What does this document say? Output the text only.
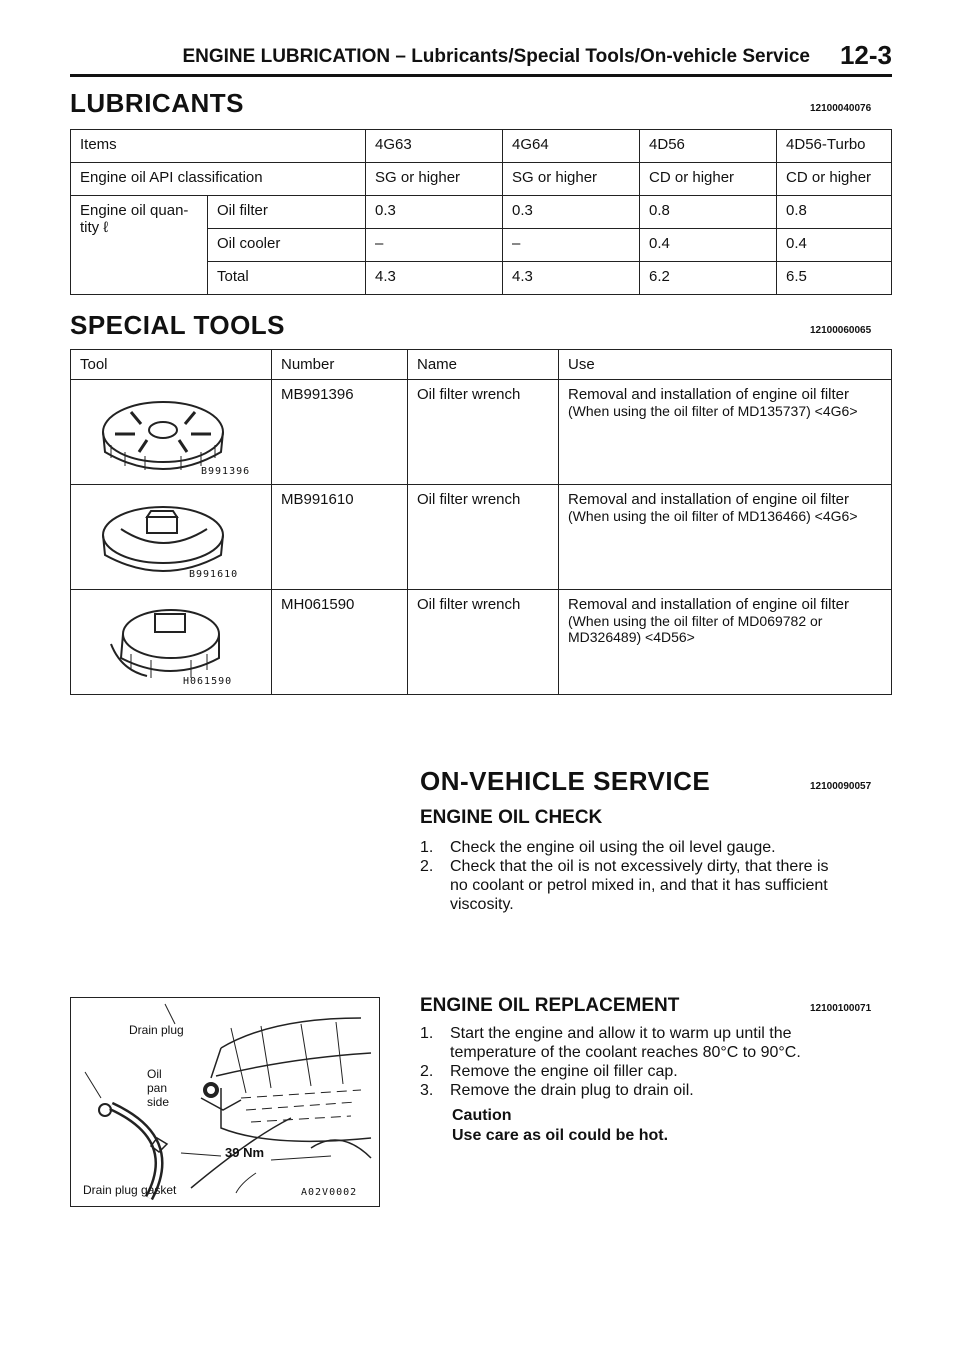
ENGINE LUBRICATION – Lubricants/Special Tools/On-vehicle Service 12-3
LUBRICANTS	12100040076
Items		4G63	4G64	4D56	4D56-Turbo
Engine oil API classification		SG or higher	SG or higher	CD or higher	CD or higher

Engine oil quan-
tity ℓ	Oil filter	0.3	0.3	0.8	0.8
	Oil cooler	–	–	0.4	0.4
	Total	4.3	4.3	6.2	6.5
SPECIAL TOOLS	12100060065
Tool	Number	Name	Use

B991396	MB991396	Oil filter wrench	Removal and installation of engine oil filter
(When using the oil filter of MD135737) <4G6>

B991610	MB991610	Oil filter wrench	Removal and installation of engine oil filter
(When using the oil filter of MD136466) <4G6>

H061590	MH061590	Oil filter wrench	Removal and installation of engine oil filter
(When using the oil filter of MD069782 or
MD326489) <4D56>
ON-VEHICLE SERVICE	12100090057
ENGINE OIL CHECK
1. Check the engine oil using the oil level gauge.
2. Check that the oil is not excessively dirty, that there is
no coolant or petrol mixed in, and that it has sufficient
viscosity.
ENGINE OIL REPLACEMENT	12100100071
1. Start the engine and allow it to warm up until the
temperature of the coolant reaches 80°C to 90°C.
2. Remove the engine oil filler cap.
3. Remove the drain plug to drain oil.
Caution
Use care as oil could be hot.
Drain plug
Oil
pan
side
39 Nm
Drain plug gasket	A02V0002
